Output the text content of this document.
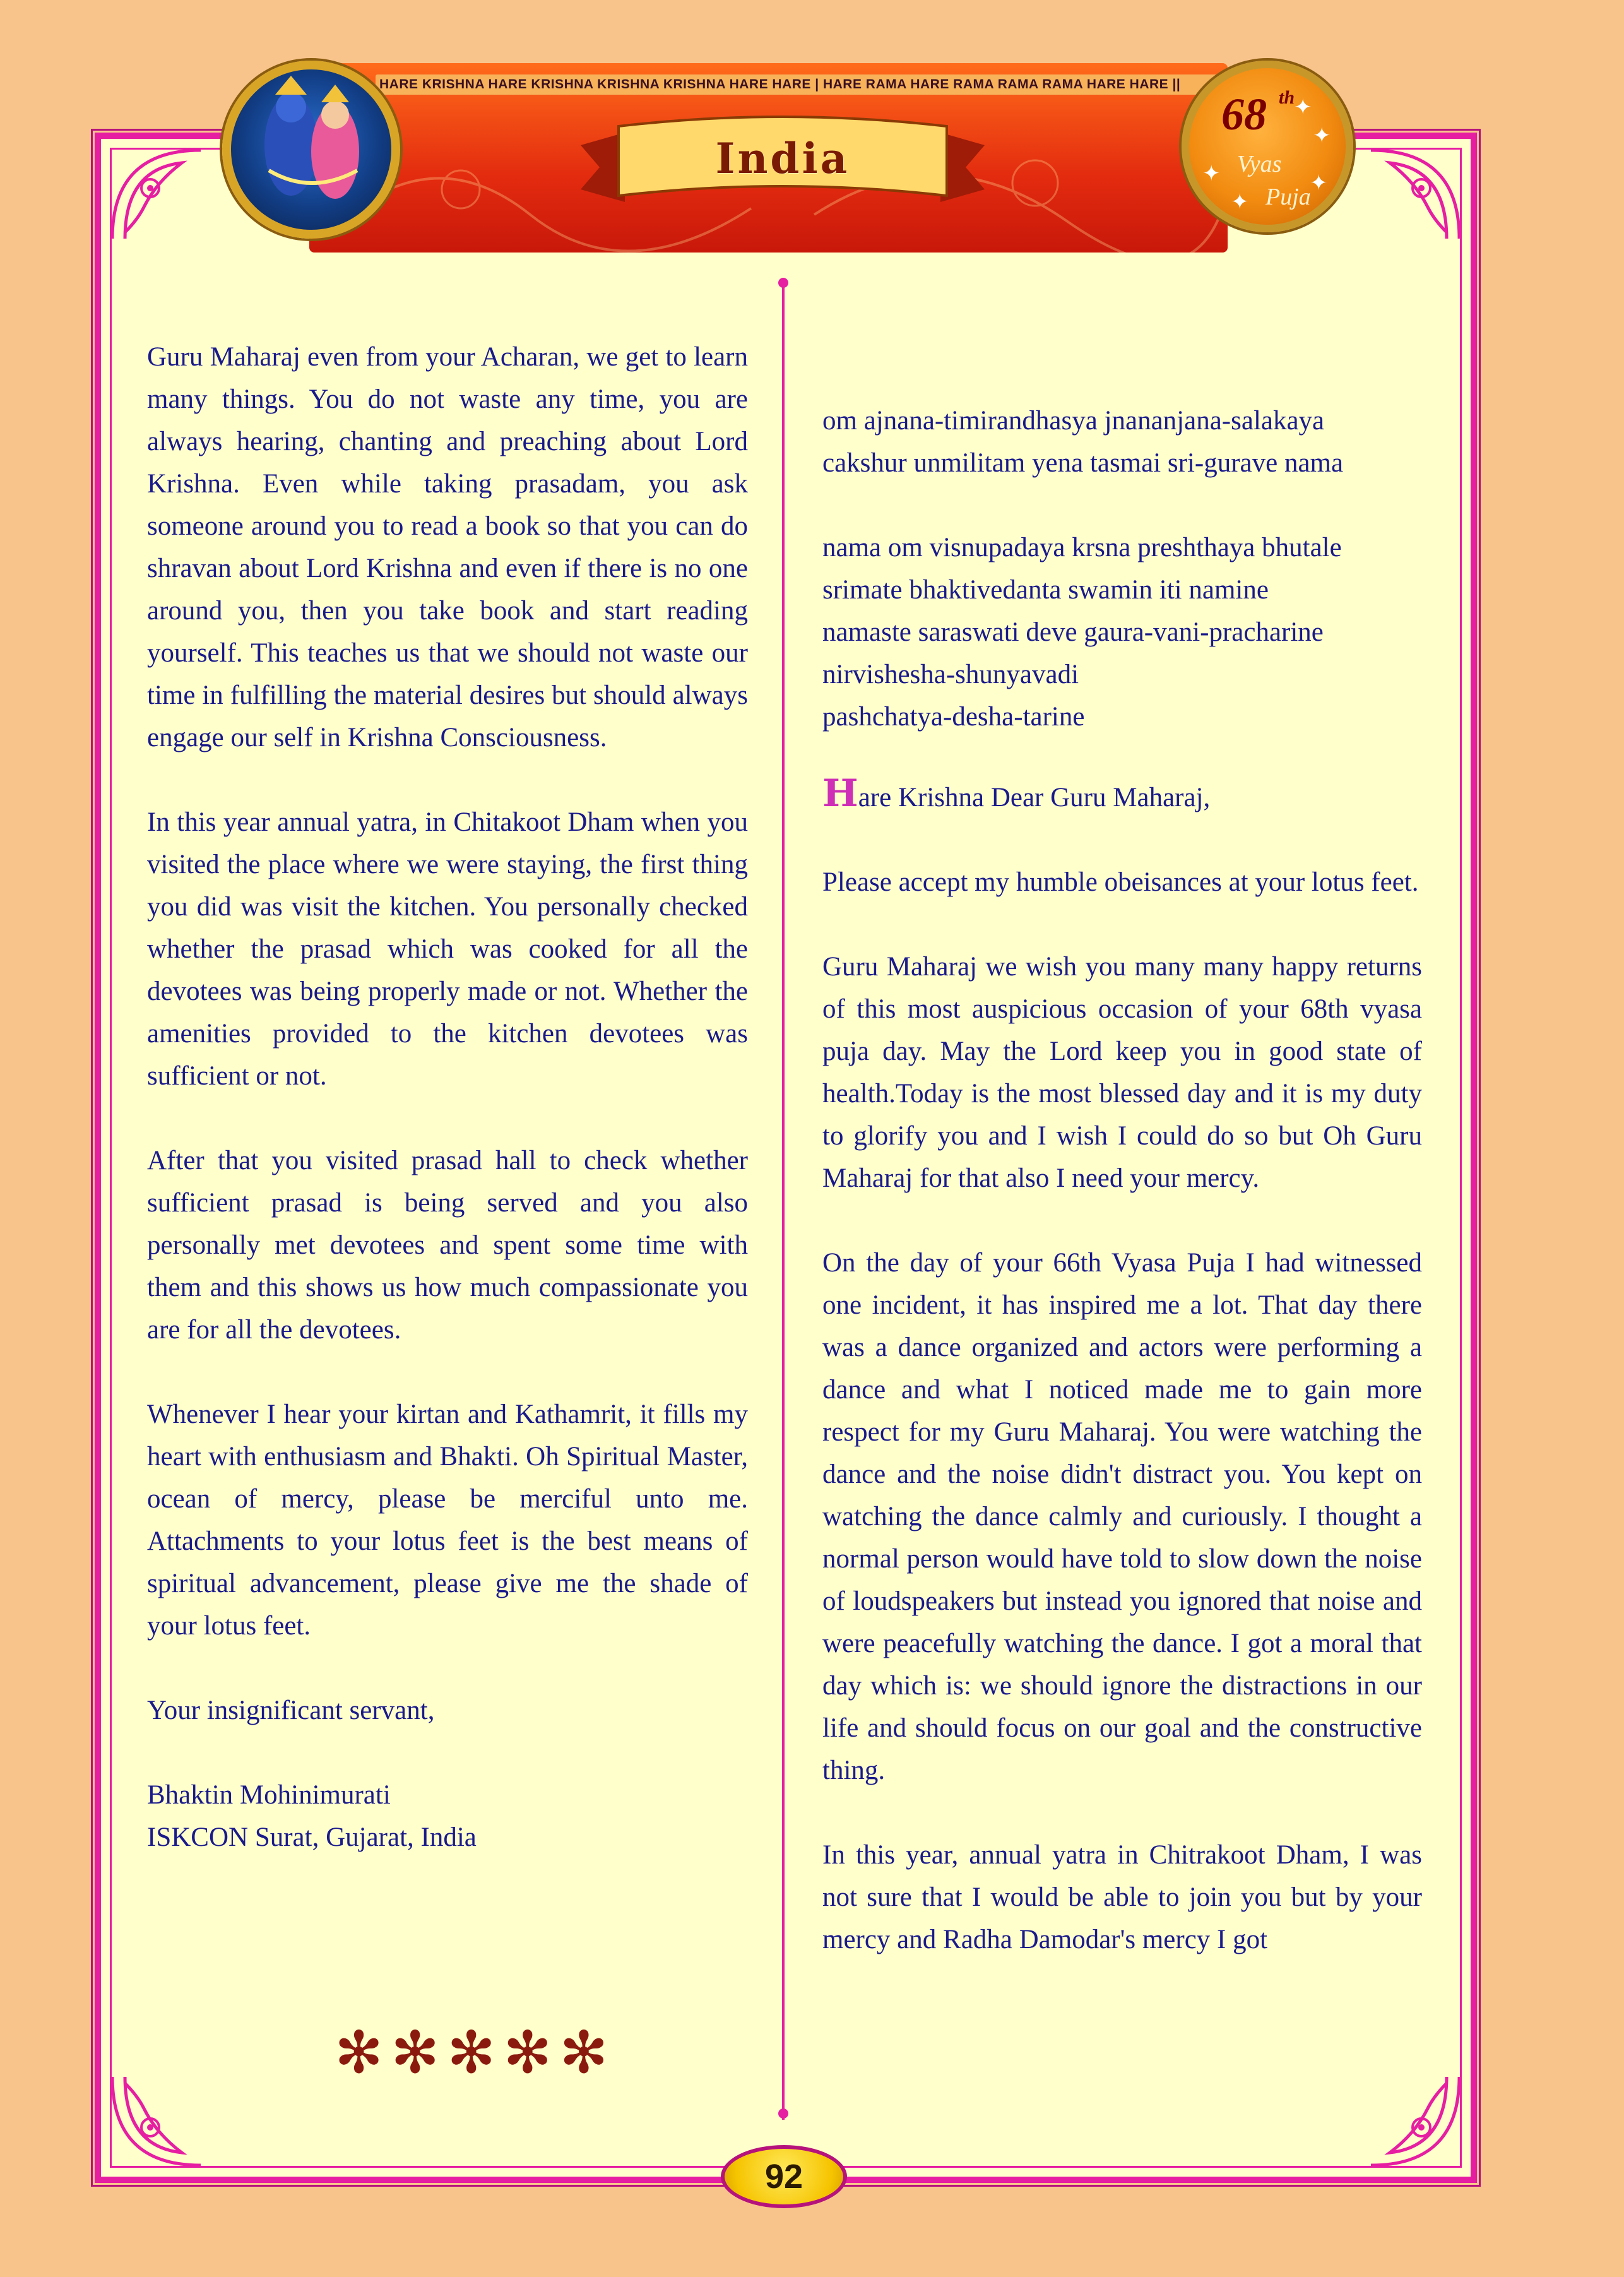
HARE KRISHNA HARE KRISHNA KRISHNA KRISHNA HARE HARE | HARE RAMA HARE RAMA RAMA RAMA HARE HARE ||
India
68 th
Vyas
Puja
✦
✦
✦
✦
✦

Guru Maharaj even from your Acharan, we get to learn many things. You do not waste any time, you are always hearing, chanting and preaching about Lord Krishna. Even while taking prasadam, you ask someone around you to read a book so that you can do shravan about Lord Krishna and even if there is no one around you, then you take book and start reading yourself. This teaches us that we should not waste our time in fulfilling the material desires but should always engage our self in Krishna Consciousness.

In this year annual yatra, in Chitakoot Dham when you visited the place where we were staying, the first thing you did was visit the kitchen. You personally checked whether the prasad which was cooked for all the devotees was being properly made or not. Whether the amenities provided to the kitchen devotees was sufficient or not.

After that you visited prasad hall to check whether sufficient prasad is being served and you also personally met devotees and spent some time with them and this shows us how much compassionate you are for all the devotees.

Whenever I hear your kirtan and Kathamrit, it fills my heart with enthusiasm and Bhakti. Oh Spiritual Master, ocean of mercy, please be merciful unto me. Attachments to your lotus feet is the best means of spiritual advancement, please give me the shade of your lotus feet.

Your insignificant servant,

Bhaktin Mohinimurati

ISKCON Surat, Gujarat, India

✻✻✻✻✻

om ajnana-timirandhasya jnananjana-salakaya

cakshur unmilitam yena tasmai sri-gurave nama

nama om visnupadaya krsna preshthaya bhutale

srimate bhaktivedanta swamin iti namine

namaste saraswati deve gaura-vani-pracharine

nirvishesha-shunyavadi

pashchatya-desha-tarine

Hare Krishna Dear Guru Maharaj,

Please accept my humble obeisances at your lotus feet.

Guru Maharaj we wish you many many happy returns of this most auspicious occasion of your 68th vyasa puja day. May the Lord keep you in good state of health.Today is the most blessed day and it is my duty to glorify you and I wish I could do so but Oh Guru Maharaj for that also I need your mercy.

On the day of your 66th Vyasa Puja I had witnessed one incident, it has inspired me a lot. That day there was a dance organized and actors were performing a dance and what I noticed made me to gain more respect for my Guru Maharaj. You were watching the dance and the noise didn't distract you. You kept on watching the dance calmly and curiously. I thought a normal person would have told to slow down the noise of loudspeakers but instead you ignored that noise and were peacefully watching the dance. I got a moral that day which is: we should ignore the distractions in our life and should focus on our goal and the constructive thing.

In this year, annual yatra in Chitrakoot Dham, I was not sure that I would be able to join you but by your mercy and Radha Damodar's mercy I got

92
